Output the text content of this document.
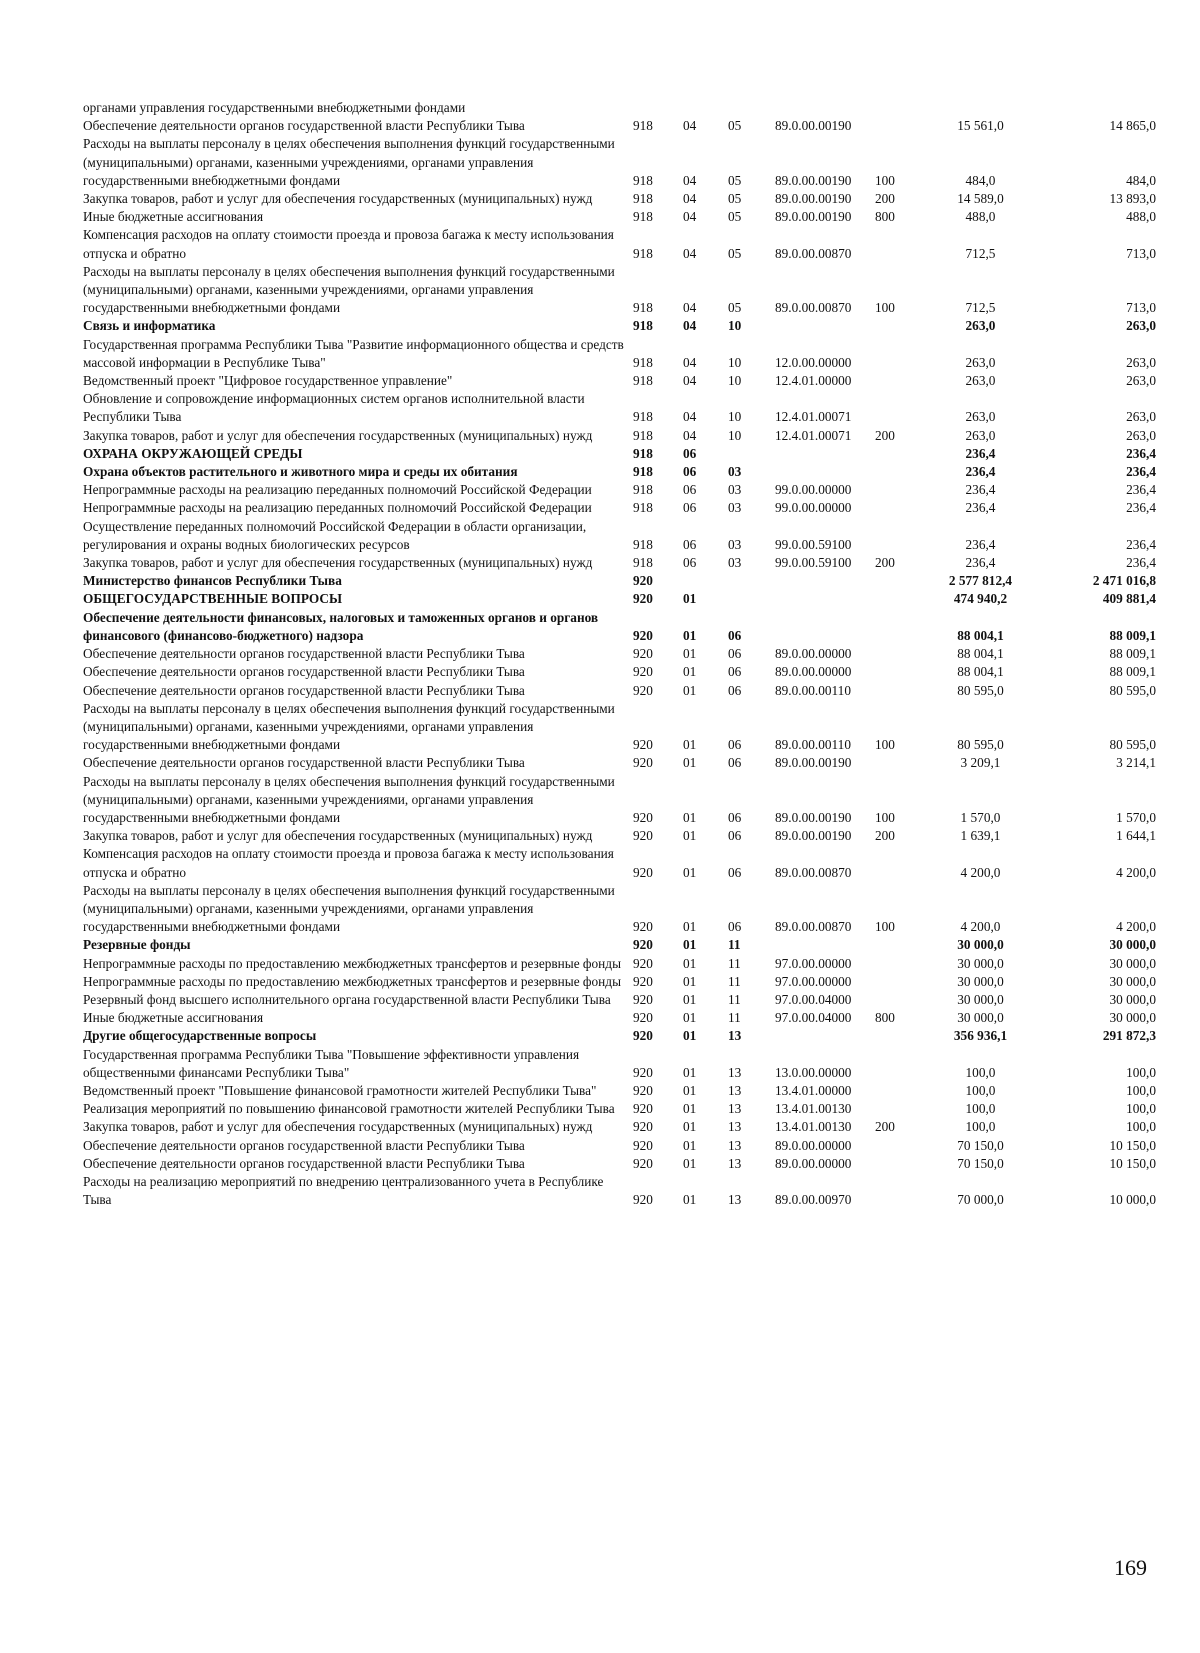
органами управления государственными внебюджетными фондами							
Обеспечение деятельности органов государственной власти Республики Тыва	918	04	05	89.0.00.00190		15 561,0	14 865,0
Расходы на выплаты персоналу в целях обеспечения выполнения функций государственными (муниципальными) органами, казенными учреждениями, органами управления государственными внебюджетными фондами	918	04	05	89.0.00.00190	100	484,0	484,0
Закупка товаров, работ и услуг для обеспечения государственных (муниципальных) нужд	918	04	05	89.0.00.00190	200	14 589,0	13 893,0
Иные бюджетные ассигнования	918	04	05	89.0.00.00190	800	488,0	488,0
Компенсация расходов на оплату стоимости проезда и провоза багажа к месту использования отпуска и обратно	918	04	05	89.0.00.00870		712,5	713,0
Расходы на выплаты персоналу в целях обеспечения выполнения функций государственными (муниципальными) органами, казенными учреждениями, органами управления государственными внебюджетными фондами	918	04	05	89.0.00.00870	100	712,5	713,0
Связь и информатика	918	04	10			263,0	263,0
Государственная программа Республики Тыва "Развитие информационного общества и средств массовой информации в Республике Тыва"	918	04	10	12.0.00.00000		263,0	263,0
Ведомственный проект "Цифровое государственное управление"	918	04	10	12.4.01.00000		263,0	263,0
Обновление и сопровождение информационных систем органов исполнительной власти Республики Тыва	918	04	10	12.4.01.00071		263,0	263,0
Закупка товаров, работ и услуг для обеспечения государственных (муниципальных) нужд	918	04	10	12.4.01.00071	200	263,0	263,0
ОХРАНА ОКРУЖАЮЩЕЙ СРЕДЫ	918	06				236,4	236,4
Охрана объектов растительного и животного мира и среды их обитания	918	06	03			236,4	236,4
Непрограммные расходы на реализацию переданных полномочий Российской Федерации	918	06	03	99.0.00.00000		236,4	236,4
Непрограммные расходы на реализацию переданных полномочий Российской Федерации	918	06	03	99.0.00.00000		236,4	236,4
Осуществление переданных полномочий Российской Федерации в области организации, регулирования и охраны водных биологических ресурсов	918	06	03	99.0.00.59100		236,4	236,4
Закупка товаров, работ и услуг для обеспечения государственных (муниципальных) нужд	918	06	03	99.0.00.59100	200	236,4	236,4
Министерство финансов Республики Тыва	920					2 577 812,4	2 471 016,8
ОБЩЕГОСУДАРСТВЕННЫЕ ВОПРОСЫ	920	01				474 940,2	409 881,4
Обеспечение деятельности финансовых, налоговых и таможенных органов и органов финансового (финансово-бюджетного) надзора	920	01	06			88 004,1	88 009,1
Обеспечение деятельности органов государственной власти Республики Тыва	920	01	06	89.0.00.00000		88 004,1	88 009,1
Обеспечение деятельности органов государственной власти Республики Тыва	920	01	06	89.0.00.00000		88 004,1	88 009,1
Обеспечение деятельности органов государственной власти Республики Тыва	920	01	06	89.0.00.00110		80 595,0	80 595,0
Расходы на выплаты персоналу в целях обеспечения выполнения функций государственными (муниципальными) органами, казенными учреждениями, органами управления государственными внебюджетными фондами	920	01	06	89.0.00.00110	100	80 595,0	80 595,0
Обеспечение деятельности органов государственной власти Республики Тыва	920	01	06	89.0.00.00190		3 209,1	3 214,1
Расходы на выплаты персоналу в целях обеспечения выполнения функций государственными (муниципальными) органами, казенными учреждениями, органами управления государственными внебюджетными фондами	920	01	06	89.0.00.00190	100	1 570,0	1 570,0
Закупка товаров, работ и услуг для обеспечения государственных (муниципальных) нужд	920	01	06	89.0.00.00190	200	1 639,1	1 644,1
Компенсация расходов на оплату стоимости проезда и провоза багажа к месту использования отпуска и обратно	920	01	06	89.0.00.00870		4 200,0	4 200,0
Расходы на выплаты персоналу в целях обеспечения выполнения функций государственными (муниципальными) органами, казенными учреждениями, органами управления государственными внебюджетными фондами	920	01	06	89.0.00.00870	100	4 200,0	4 200,0
Резервные фонды	920	01	11			30 000,0	30 000,0
Непрограммные расходы по предоставлению межбюджетных трансфертов и резервные фонды	920	01	11	97.0.00.00000		30 000,0	30 000,0
Непрограммные расходы по предоставлению межбюджетных трансфертов и резервные фонды	920	01	11	97.0.00.00000		30 000,0	30 000,0
Резервный фонд высшего исполнительного органа государственной власти Республики Тыва	920	01	11	97.0.00.04000		30 000,0	30 000,0
Иные бюджетные ассигнования	920	01	11	97.0.00.04000	800	30 000,0	30 000,0
Другие общегосударственные вопросы	920	01	13			356 936,1	291 872,3
Государственная программа Республики Тыва "Повышение эффективности управления общественными финансами Республики Тыва"	920	01	13	13.0.00.00000		100,0	100,0
Ведомственный проект "Повышение финансовой грамотности жителей Республики Тыва"	920	01	13	13.4.01.00000		100,0	100,0
Реализация мероприятий по повышению финансовой грамотности жителей Республики Тыва	920	01	13	13.4.01.00130		100,0	100,0
Закупка товаров, работ и услуг для обеспечения государственных (муниципальных) нужд	920	01	13	13.4.01.00130	200	100,0	100,0
Обеспечение деятельности органов государственной власти Республики Тыва	920	01	13	89.0.00.00000		70 150,0	10 150,0
Обеспечение деятельности органов государственной власти Республики Тыва	920	01	13	89.0.00.00000		70 150,0	10 150,0
Расходы на реализацию мероприятий по внедрению централизованного учета в Республике Тыва	920	01	13	89.0.00.00970		70 000,0	10 000,0
169
